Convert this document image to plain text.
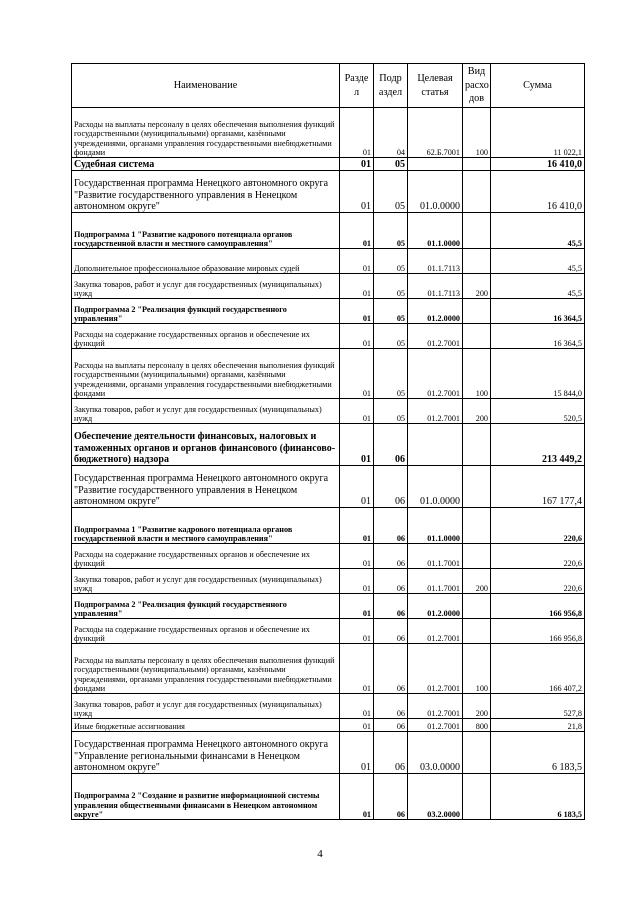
Наименование	Разде л	Подр аздел	Целевая статья	Вид расхо дов	Сумма
Расходы на выплаты персоналу в целях обеспечения выполнения функций государственными (муниципальными) органами, казёнными учреждениями, органами управления государственными внебюджетными фондами	01	04	62.Б.7001	100	11 022,1
Судебная система	01	05			16 410,0
Государственная программа Ненецкого автономного округа "Развитие государственного управления в Ненецком автономном округе"	01	05	01.0.0000		16 410,0
Подпрограмма 1 "Развитие кадрового потенциала органов государственной власти и местного самоуправления"	01	05	01.1.0000		45,5
Дополнительное профессиональное образование мировых судей	01	05	01.1.7113		45,5
Закупка товаров, работ и услуг для государственных (муниципальных) нужд	01	05	01.1.7113	200	45,5
Подпрограмма 2 "Реализация функций государственного управления"	01	05	01.2.0000		16 364,5
Расходы на содержание государственных органов и обеспечение их функций	01	05	01.2.7001		16 364,5
Расходы на выплаты персоналу в целях обеспечения выполнения функций государственными (муниципальными) органами, казёнными учреждениями, органами управления государственными внебюджетными фондами	01	05	01.2.7001	100	15 844,0
Закупка товаров, работ и услуг для государственных (муниципальных) нужд	01	05	01.2.7001	200	520,5
Обеспечение деятельности финансовых, налоговых и таможенных органов и органов финансового (финансово-бюджетного) надзора	01	06			213 449,2
Государственная программа Ненецкого автономного округа "Развитие государственного управления в Ненецком автономном округе"	01	06	01.0.0000		167 177,4
Подпрограмма 1 "Развитие кадрового потенциала органов государственной власти и местного самоуправления"	01	06	01.1.0000		220,6
Расходы на содержание государственных органов и обеспечение их функций	01	06	01.1.7001		220,6
Закупка товаров, работ и услуг для государственных (муниципальных) нужд	01	06	01.1.7001	200	220,6
Подпрограмма 2 "Реализация функций государственного управления"	01	06	01.2.0000		166 956,8
Расходы на содержание государственных органов и обеспечение их функций	01	06	01.2.7001		166 956,8
Расходы на выплаты персоналу в целях обеспечения выполнения функций государственными (муниципальными) органами, казёнными учреждениями, органами управления государственными внебюджетными фондами	01	06	01.2.7001	100	166 407,2
Закупка товаров, работ и услуг для государственных (муниципальных) нужд	01	06	01.2.7001	200	527,8
Иные бюджетные ассигнования	01	06	01.2.7001	800	21,8
Государственная программа Ненецкого автономного округа "Управление региональными финансами в Ненецком автономном округе"	01	06	03.0.0000		6 183,5
Подпрограмма 2 "Создание и развитие информационной системы управления общественными финансами в Ненецком автономном округе"	01	06	03.2.0000		6 183,5
4
